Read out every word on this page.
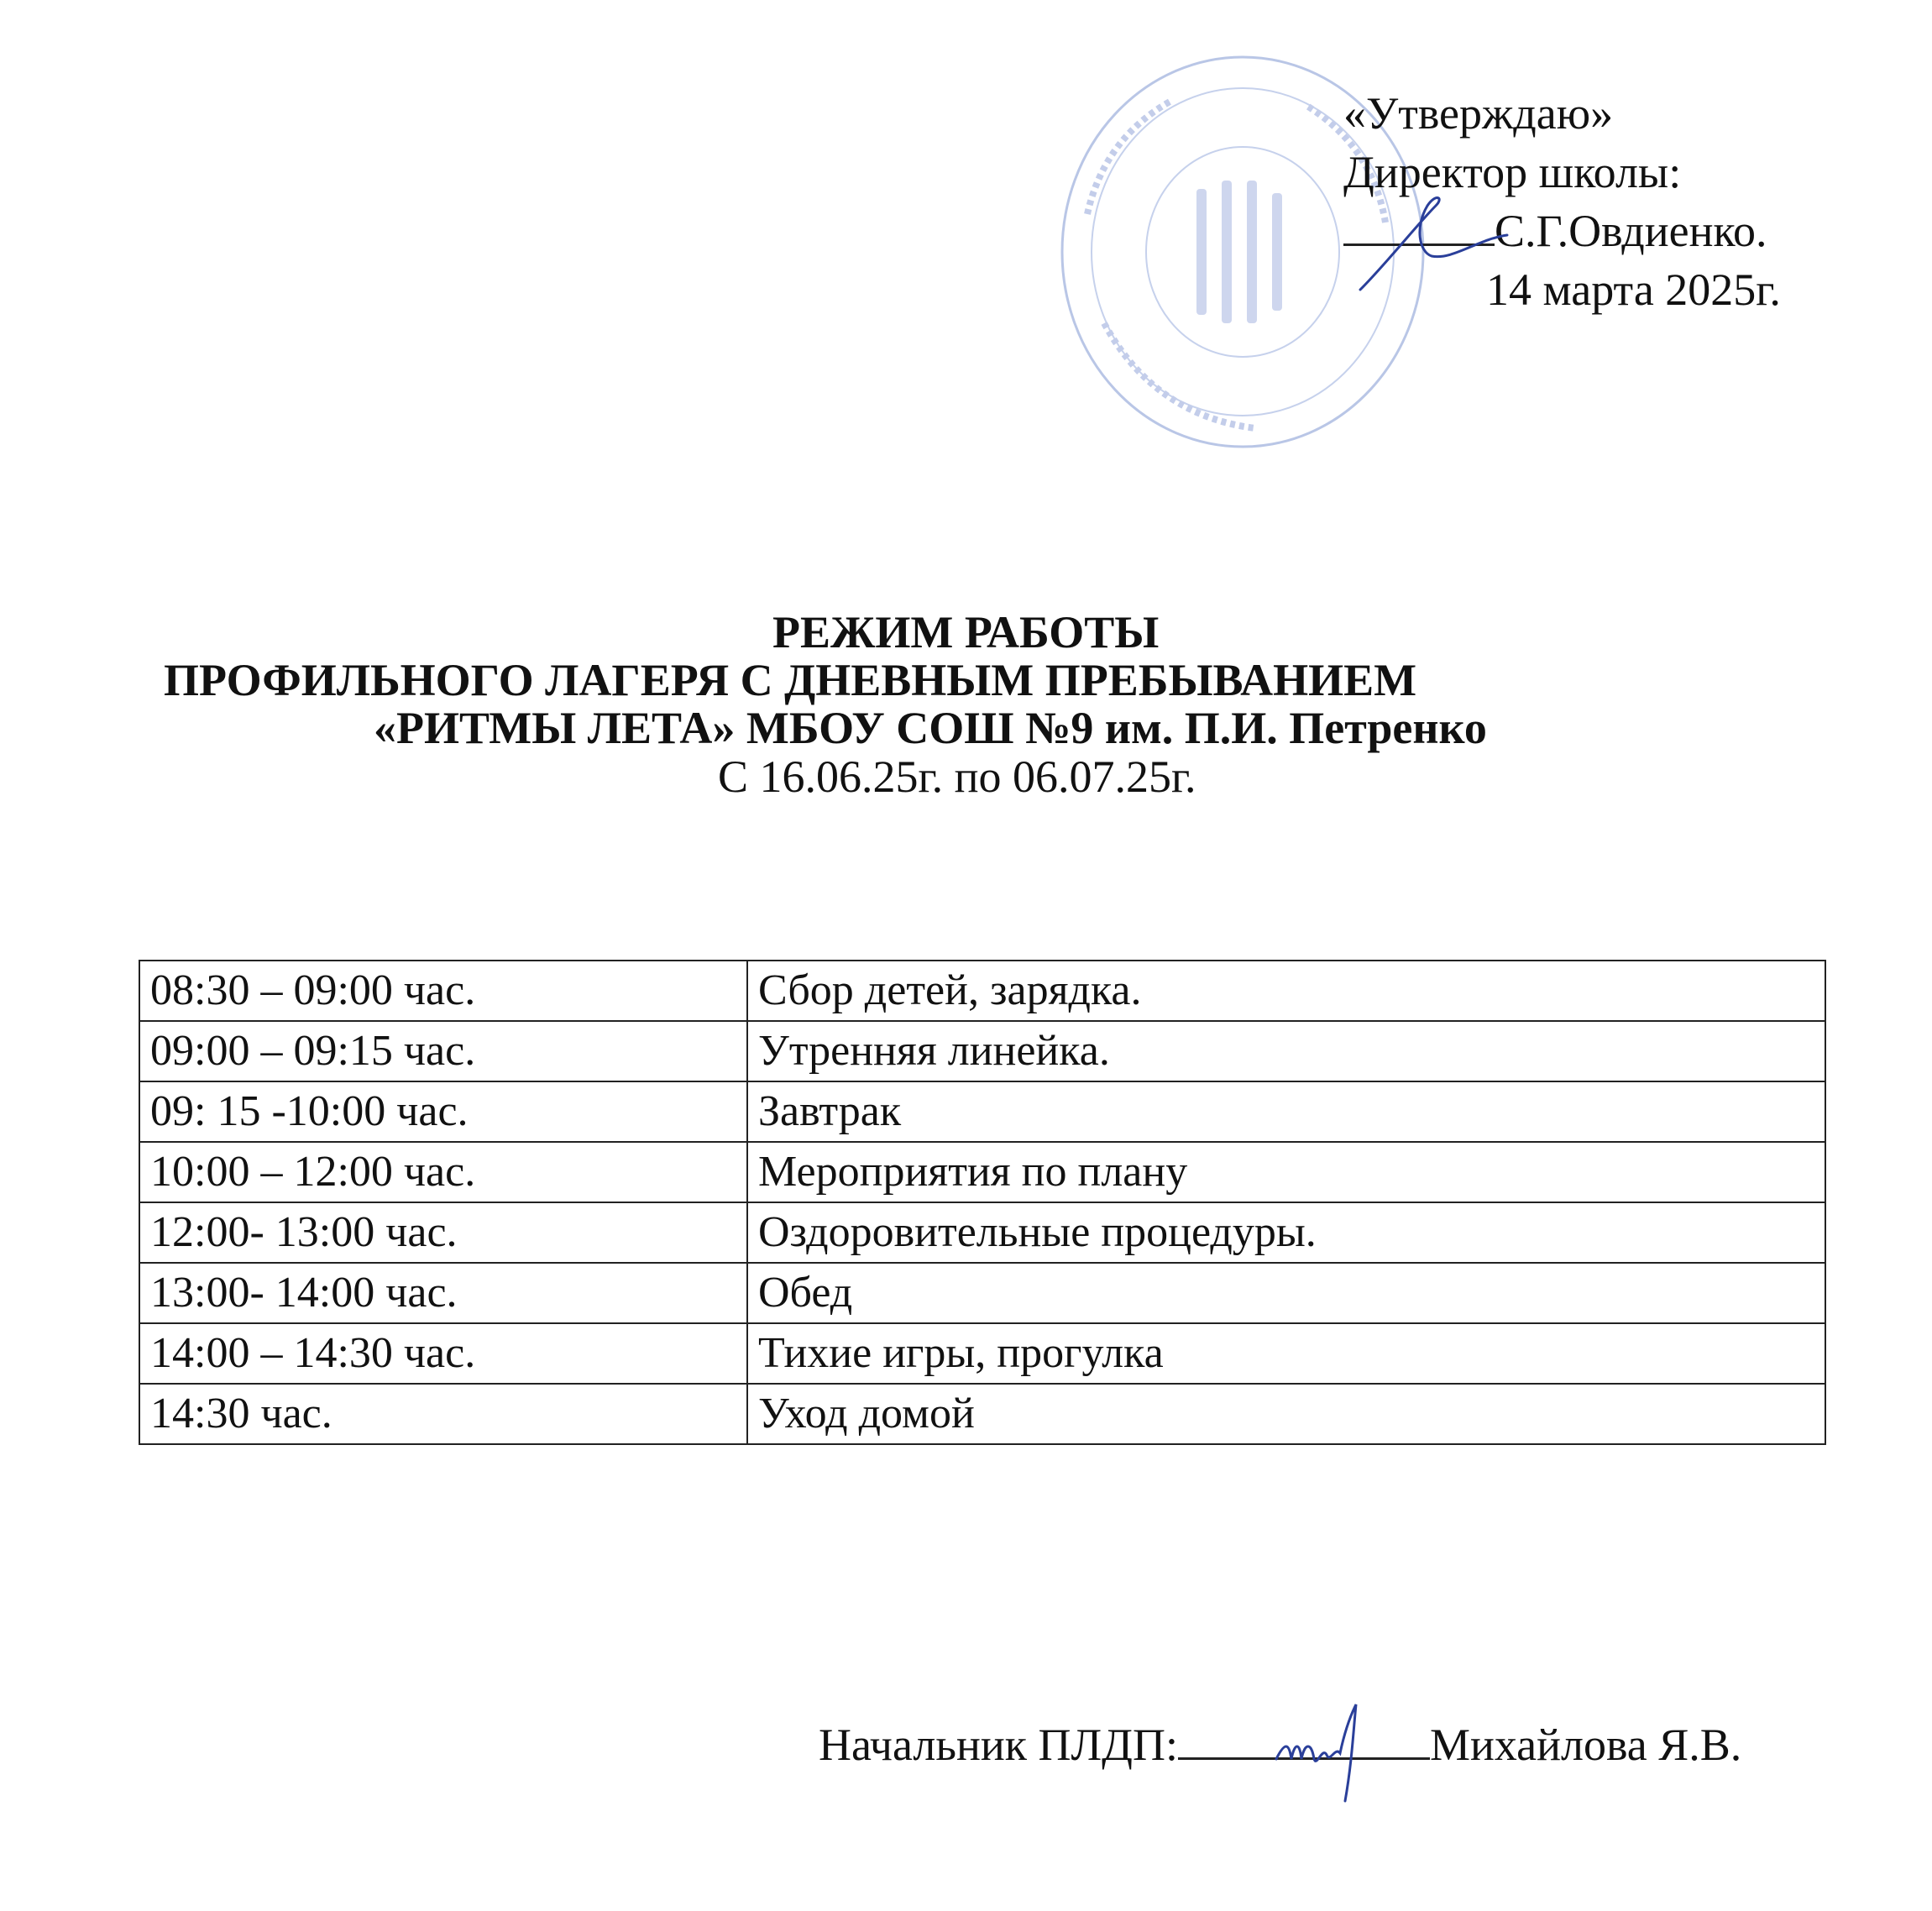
«Утверждаю»
Директор школы:
С.Г.Овдиенко.
14 марта 2025г.
РЕЖИМ РАБОТЫ
ПРОФИЛЬНОГО ЛАГЕРЯ С ДНЕВНЫМ ПРЕБЫВАНИЕМ
«РИТМЫ ЛЕТА» МБОУ СОШ №9 им. П.И. Петренко
С 16.06.25г. по 06.07.25г.
08:30 – 09:00 час.	Сбор детей, зарядка.
09:00 – 09:15 час.	Утренняя линейка.
09: 15 -10:00 час.	Завтрак
10:00 – 12:00 час.	Мероприятия по плану
12:00- 13:00 час.	Оздоровительные процедуры.
13:00- 14:00 час.	Обед
14:00 – 14:30 час.	Тихие игры, прогулка
14:30 час.	Уход домой
Начальник ПЛДП:	Михайлова Я.В.
